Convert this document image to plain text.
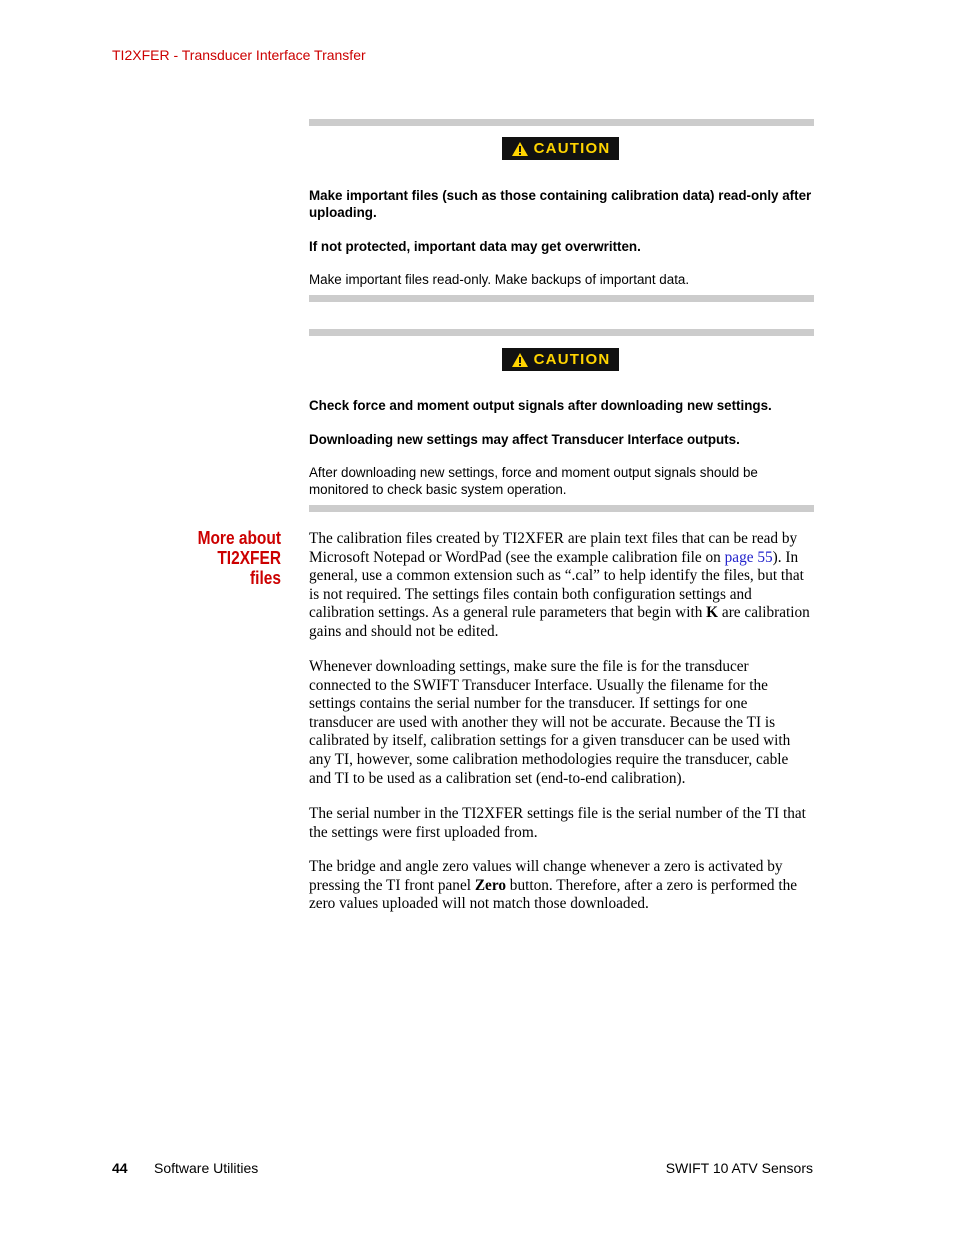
TI2XFER - Transducer Interface Transfer
CAUTION

Make important files (such as those containing calibration data) read-only after uploading.

If not protected, important data may get overwritten.

Make important files read-only. Make backups of important data.

CAUTION

Check force and moment output signals after downloading new settings.

Downloading new settings may affect Transducer Interface outputs.

After downloading new settings, force and moment output signals should be monitored to check basic system operation.

More about TI2XFER
files

The calibration files created by TI2XFER are plain text files that can be read by Microsoft Notepad or WordPad (see the example calibration file on page 55). In general, use a common extension such as “.cal” to help identify the files, but that is not required. The settings files contain both configuration settings and calibration settings. As a general rule parameters that begin with K are calibration gains and should not be edited.

Whenever downloading settings, make sure the file is for the transducer connected to the SWIFT Transducer Interface. Usually the filename for the settings contains the serial number for the transducer. If settings for one transducer are used with another they will not be accurate. Because the TI is calibrated by itself, calibration settings for a given transducer can be used with any TI, however, some calibration methodologies require the transducer, cable and TI to be used as a calibration set (end-to-end calibration).

The serial number in the TI2XFER settings file is the serial number of the TI that the settings were first uploaded from.

The bridge and angle zero values will change whenever a zero is activated by pressing the TI front panel Zero button. Therefore, after a zero is performed the zero values uploaded will not match those downloaded.

44 Software Utilities	SWIFT 10 ATV Sensors
